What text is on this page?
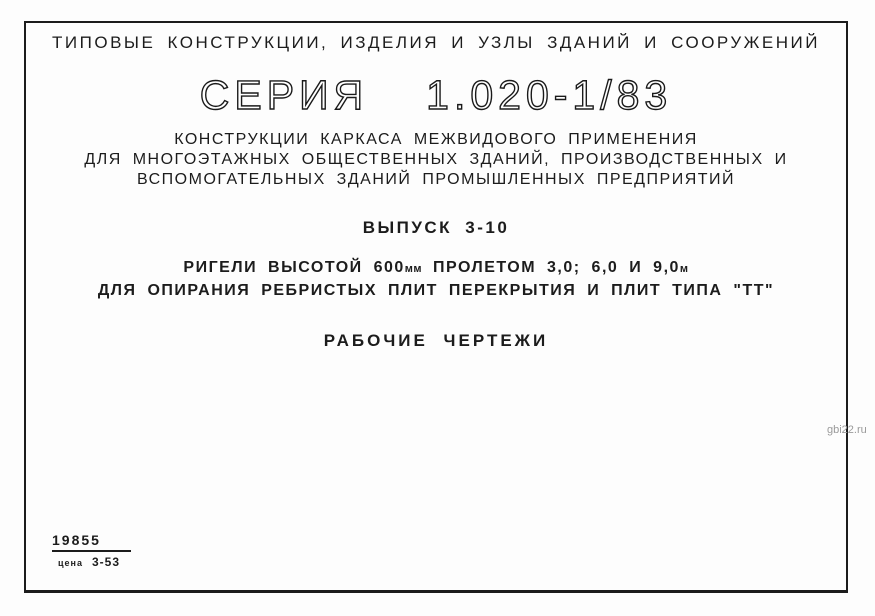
ТИПОВЫЕ КОНСТРУКЦИИ, ИЗДЕЛИЯ И УЗЛЫ ЗДАНИЙ И СООРУЖЕНИЙ
СЕРИЯ 1.020-1/83
КОНСТРУКЦИИ КАРКАСА МЕЖВИДОВОГО ПРИМЕНЕНИЯ
ДЛЯ МНОГОЭТАЖНЫХ ОБЩЕСТВЕННЫХ ЗДАНИЙ, ПРОИЗВОДСТВЕННЫХ И
ВСПОМОГАТЕЛЬНЫХ ЗДАНИЙ ПРОМЫШЛЕННЫХ ПРЕДПРИЯТИЙ
ВЫПУСК 3-10
РИГЕЛИ ВЫСОТОЙ 600мм ПРОЛЕТОМ 3,0; 6,0 И 9,0м
ДЛЯ ОПИРАНИЯ РЕБРИСТЫХ ПЛИТ ПЕРЕКРЫТИЯ И ПЛИТ ТИПА "ТТ"
РАБОЧИЕ ЧЕРТЕЖИ
19855
цена 3-53
gbi22.ru
